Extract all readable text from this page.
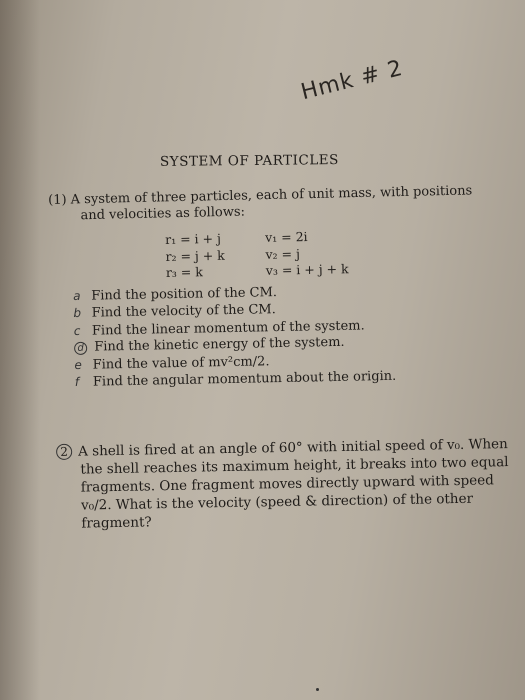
Hmk # 2
SYSTEM OF PARTICLES
(1) A system of three particles, each of unit mass, with positions
and velocities as follows:
r₁ = i + j	v₁ = 2i
r₂ = j + k	v₂ = j
r₃ = k	v₃ = i + j + k
a Find the position of the CM.
b Find the velocity of the CM.
c Find the linear momentum of the system.
d Find the kinetic energy of the system.
e Find the value of mv²cm/2.
f Find the angular momentum about the origin.
2 A shell is fired at an angle of 60° with initial speed of v₀. When
the shell reaches its maximum height, it breaks into two equal
fragments. One fragment moves directly upward with speed
v₀/2. What is the velocity (speed & direction) of the other
fragment?
